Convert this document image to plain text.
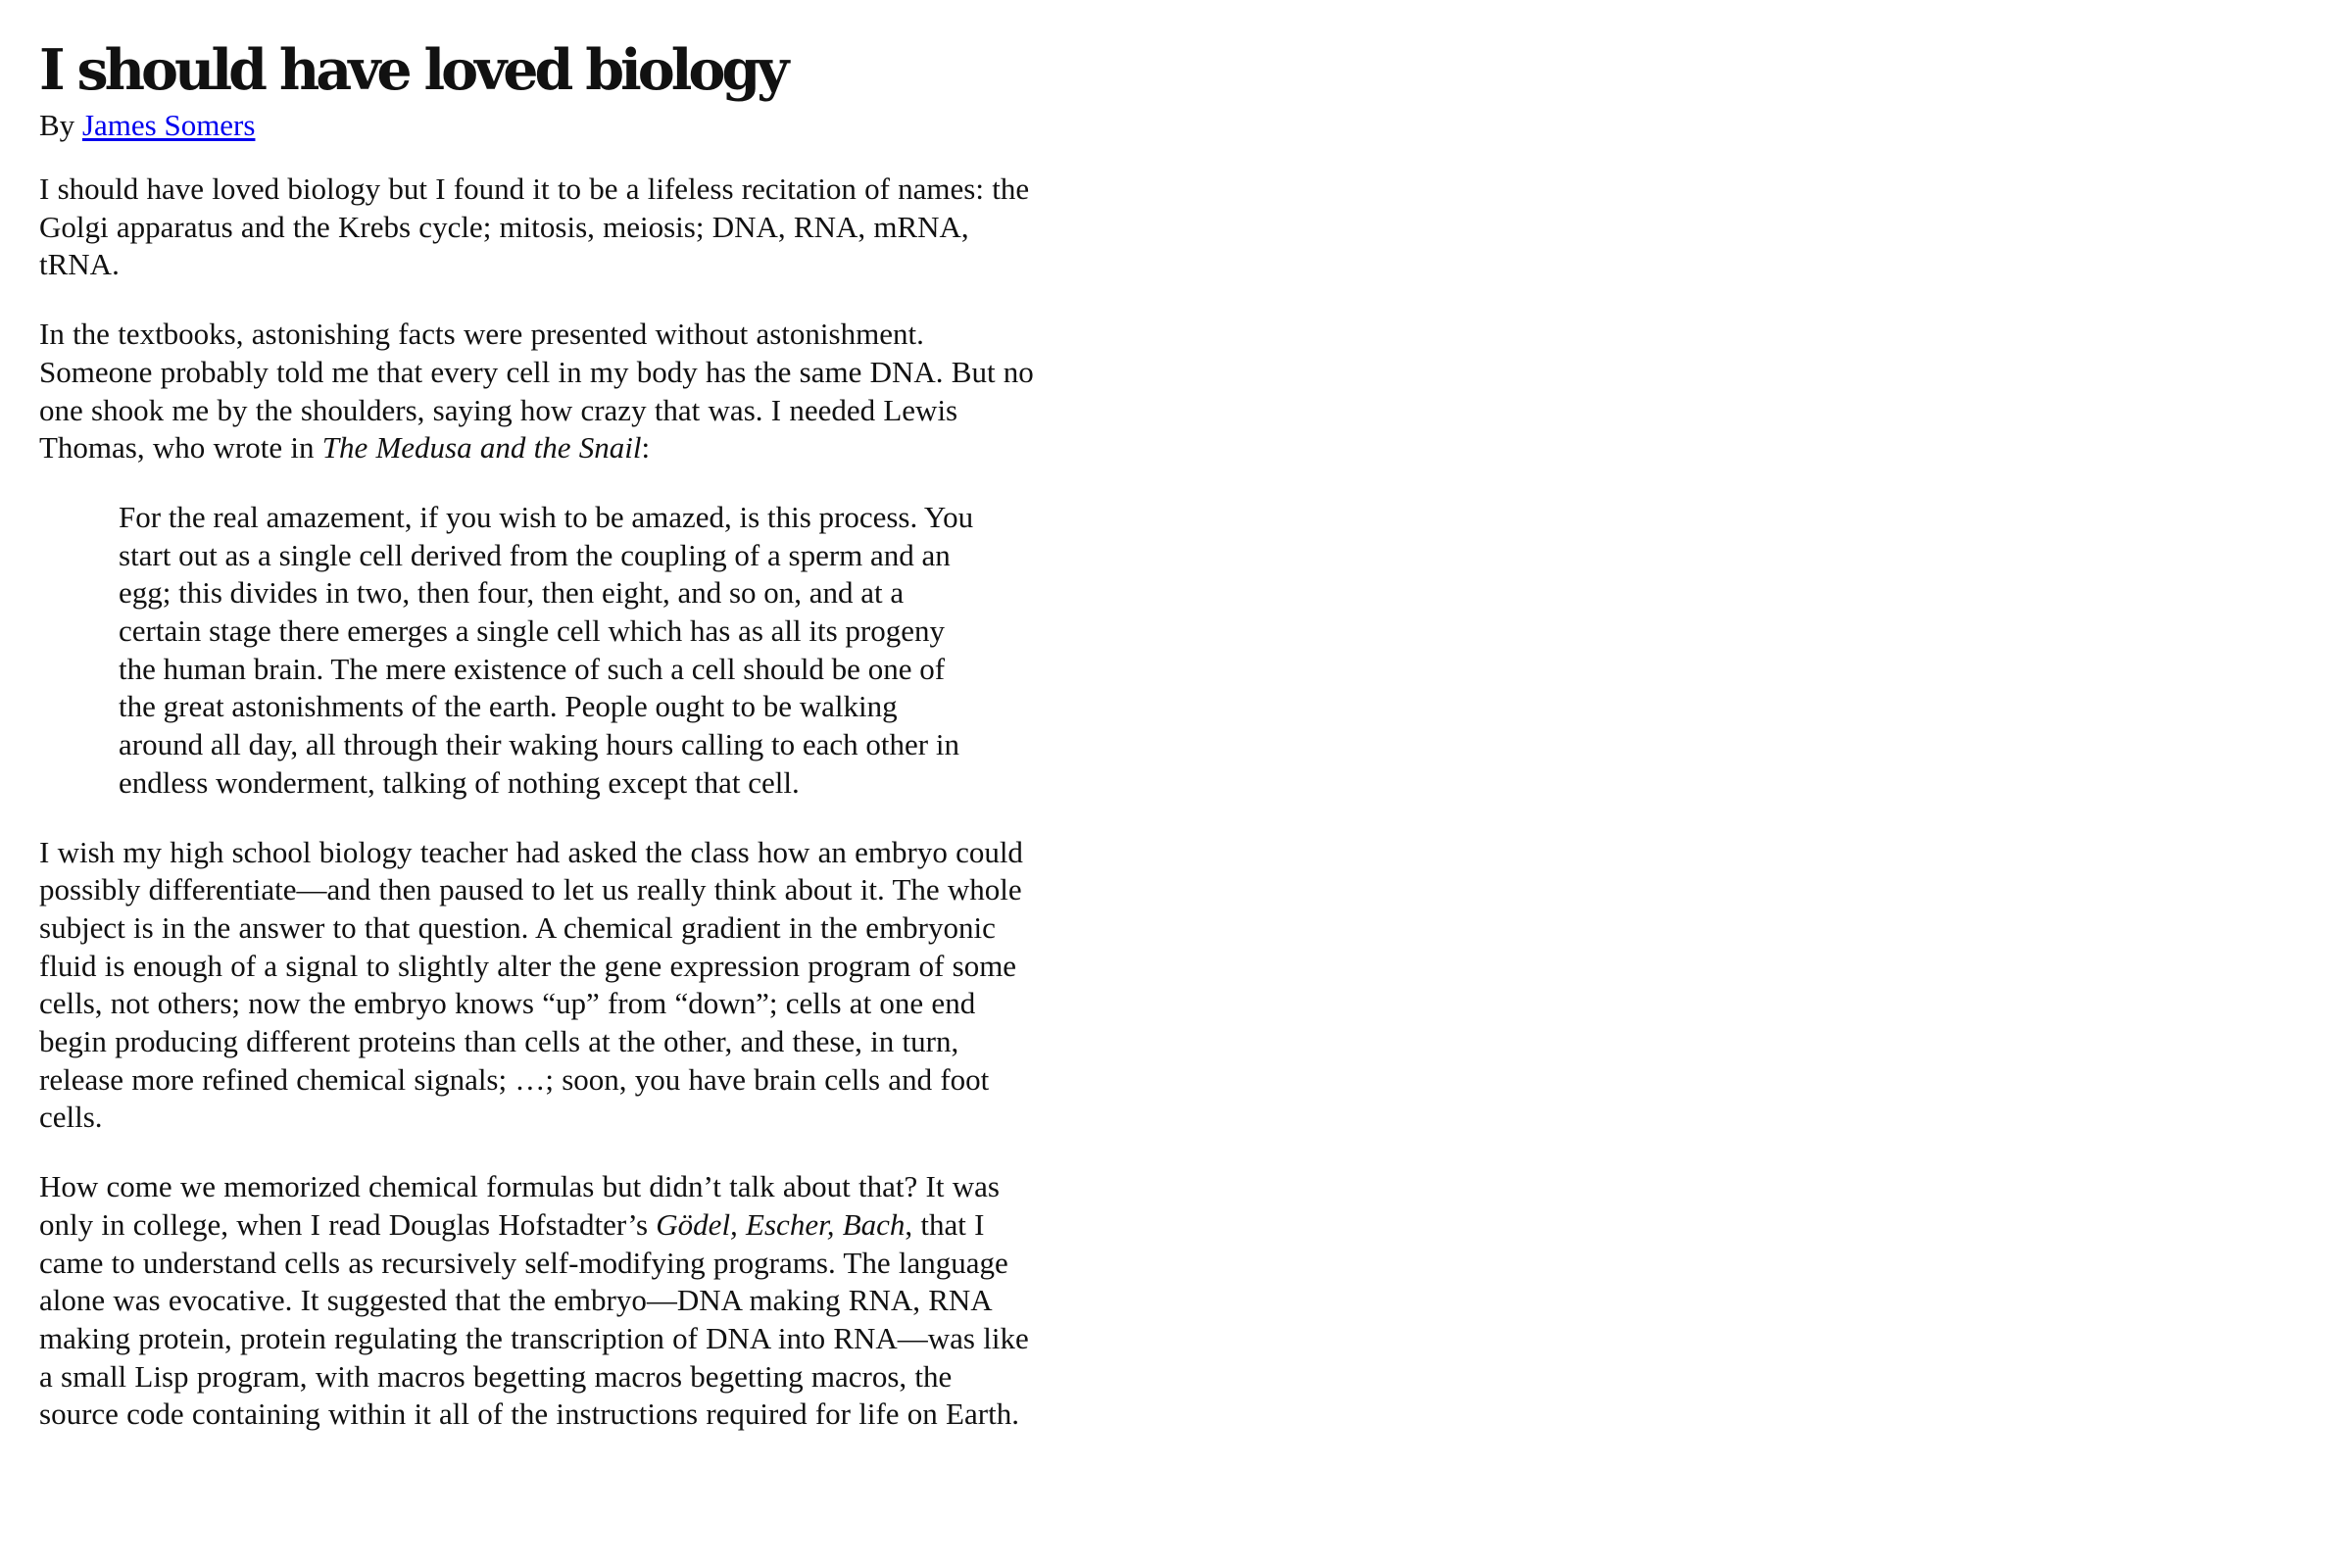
I should have loved biology
By James Somers

I should have loved biology but I found it to be a lifeless recitation of names: the Golgi apparatus and the Krebs cycle; mitosis, meiosis; DNA, RNA, mRNA, tRNA.

In the textbooks, astonishing facts were presented without astonishment. Someone probably told me that every cell in my body has the same DNA. But no one shook me by the shoulders, saying how crazy that was. I needed Lewis Thomas, who wrote in The Medusa and the Snail:

For the real amazement, if you wish to be amazed, is this process. You start out as a single cell derived from the coupling of a sperm and an egg; this divides in two, then four, then eight, and so on, and at a certain stage there emerges a single cell which has as all its progeny the human brain. The mere existence of such a cell should be one of the great astonishments of the earth. People ought to be walking around all day, all through their waking hours calling to each other in endless wonderment, talking of nothing except that cell.

I wish my high school biology teacher had asked the class how an embryo could possibly differentiate—and then paused to let us really think about it. The whole subject is in the answer to that question. A chemical gradient in the embryonic fluid is enough of a signal to slightly alter the gene expression program of some cells, not others; now the embryo knows “up” from “down”; cells at one end begin producing different proteins than cells at the other, and these, in turn, release more refined chemical signals; …; soon, you have brain cells and foot cells.

How come we memorized chemical formulas but didn’t talk about that? It was only in college, when I read Douglas Hofstadter’s Gödel, Escher, Bach, that I came to understand cells as recursively self-modifying programs. The language alone was evocative. It suggested that the embryo—DNA making RNA, RNA making protein, protein regulating the transcription of DNA into RNA—was like a small Lisp program, with macros begetting macros begetting macros, the source code containing within it all of the instructions required for life on Earth.
